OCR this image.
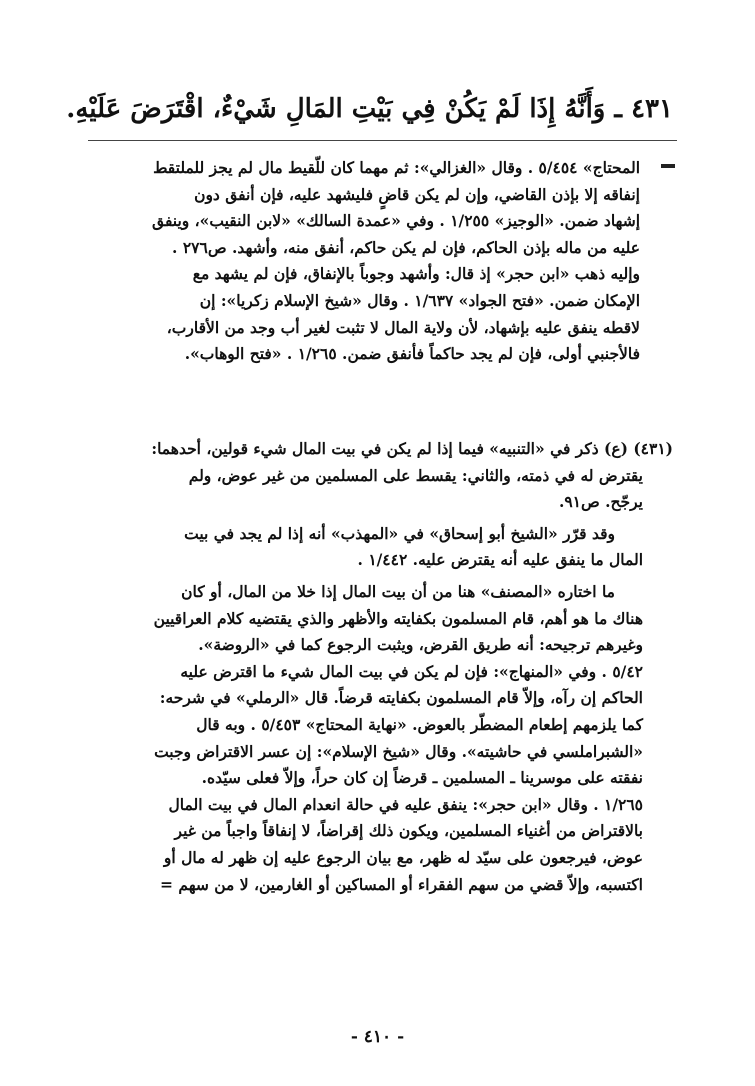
٤٣١ ـ وَأَنَّهُ إِذَا لَمْ يَكُنْ فِي بَيْتِ المَالِ شَيْءٌ، اقْتَرَضَ عَلَيْهِ.

المحتاج» ٥/٤٥٤ . وقال «الغزالي»: ثم مهما كان للّقيط مال لم يجز للملتقط

إنفاقه إلا بإذن القاضي، وإن لم يكن قاضٍ فليشهد عليه، فإن أنفق دون

إشهاد ضمن. «الوجيز» ١/٢٥٥ . وفي «عمدة السالك» «لابن النقيب»، وينفق

عليه من ماله بإذن الحاكم، فإن لم يكن حاكم، أنفق منه، وأشهد. ص٢٧٦ .

وإليه ذهب «ابن حجر» إذ قال: وأشهد وجوباً بالإنفاق، فإن لم يشهد مع

الإمكان ضمن. «فتح الجواد» ١/٦٣٧ . وقال «شيخ الإسلام زكريا»: إن

لاقطه ينفق عليه بإشهاد، لأن ولاية المال لا تثبت لغير أب وجد من الأقارب،

فالأجنبي أولى، فإن لم يجد حاكماً فأنفق ضمن. ١/٢٦٥ . «فتح الوهاب».

(٤٣١) (ع) ذكر في «التنبيه» فيما إذا لم يكن في بيت المال شيء قولين، أحدهما:

يقترض له في ذمته، والثاني: يقسط على المسلمين من غير عوض، ولم

يرجّح. ص٩١.

وقد قرّر «الشيخ أبو إسحاق» في «المهذب» أنه إذا لم يجد في بيت

المال ما ينفق عليه أنه يقترض عليه. ١/٤٤٢ .

ما اختاره «المصنف» هنا من أن بيت المال إذا خلا من المال، أو كان

هناك ما هو أهم، قام المسلمون بكفايته والأظهر والذي يقتضيه كلام العراقيين

وغيرهم ترجيحه: أنه طريق القرض، ويثبت الرجوع كما في «الروضة».

٥/٤٢ . وفي «المنهاج»: فإن لم يكن في بيت المال شيء ما اقترض عليه

الحاكم إن رآه، وإلاّ قام المسلمون بكفايته قرضاً. قال «الرملي» في شرحه:

كما يلزمهم إطعام المضطّر بالعوض. «نهاية المحتاج» ٥/٤٥٣ . وبه قال

«الشبراملسي في حاشيته». وقال «شيخ الإسلام»: إن عسر الاقتراض وجبت

نفقته على موسرينا ـ المسلمين ـ قرضاً إن كان حراً، وإلاّ فعلى سيّده.

١/٢٦٥ . وقال «ابن حجر»: ينفق عليه في حالة انعدام المال في بيت المال

بالاقتراض من أغنياء المسلمين، ويكون ذلك إقراضاً، لا إنفاقاً واجباً من غير

عوض، فيرجعون على سيّد له ظهر، مع بيان الرجوع عليه إن ظهر له مال أو

اكتسبه، وإلاّ قضي من سهم الفقراء أو المساكين أو الغارمين، لا من سهم =

- ٤١٠ -
